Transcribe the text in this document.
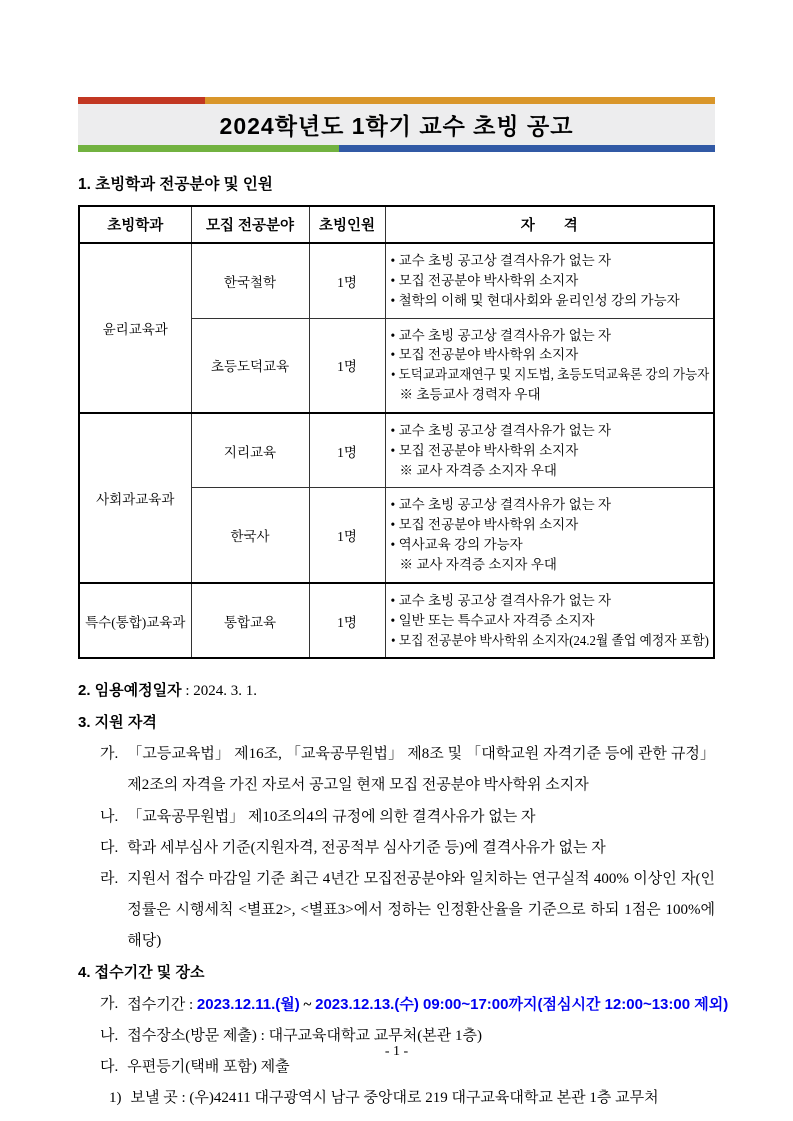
2024학년도 1학기 교수 초빙 공고
1. 초빙학과 전공분야 및 인원
초빙학과	모집 전공분야	초빙인원	자　　격

윤리교육과	한국철학	1명	• 교수 초빙 공고상 결격사유가 없는 자
• 모집 전공분야 박사학위 소지자
• 철학의 이해 및 현대사회와 윤리인성 강의 가능자

	초등도덕교육	1명	• 교수 초빙 공고상 결격사유가 없는 자
• 모집 전공분야 박사학위 소지자
• 도덕교과교재연구 및 지도법, 초등도덕교육론 강의 가능자
※ 초등교사 경력자 우대

사회과교육과	지리교육	1명	• 교수 초빙 공고상 결격사유가 없는 자
• 모집 전공분야 박사학위 소지자
※ 교사 자격증 소지자 우대

	한국사	1명	• 교수 초빙 공고상 결격사유가 없는 자
• 모집 전공분야 박사학위 소지자
• 역사교육 강의 가능자
※ 교사 자격증 소지자 우대

특수(통합)교육과	통합교육	1명	• 교수 초빙 공고상 결격사유가 없는 자
• 일반 또는 특수교사 자격증 소지자
• 모집 전공분야 박사학위 소지자(24.2월 졸업 예정자 포함)
2. 임용예정일자 : 2024. 3. 1.
3. 지원 자격
가. 「고등교육법」 제16조, 「교육공무원법」 제8조 및 「대학교원 자격기준 등에 관한 규정」 제2조의 자격을 가진 자로서 공고일 현재 모집 전공분야 박사학위 소지자
나. 「교육공무원법」 제10조의4의 규정에 의한 결격사유가 없는 자
다. 학과 세부심사 기준(지원자격, 전공적부 심사기준 등)에 결격사유가 없는 자
라. 지원서 접수 마감일 기준 최근 4년간 모집전공분야와 일치하는 연구실적 400% 이상인 자(인정률은 시행세칙 <별표2>, <별표3>에서 정하는 인정환산율을 기준으로 하되 1점은 100%에 해당)
4. 접수기간 및 장소
가. 접수기간 : 2023.12.11.(월) ~ 2023.12.13.(수) 09:00~17:00까지(점심시간 12:00~13:00 제외)
나. 접수장소(방문 제출) : 대구교육대학교 교무처(본관 1층)
다. 우편등기(택배 포함) 제출
1) 보낼 곳 : (우)42411 대구광역시 남구 중앙대로 219 대구교육대학교 본관 1층 교무처
- 1 -
